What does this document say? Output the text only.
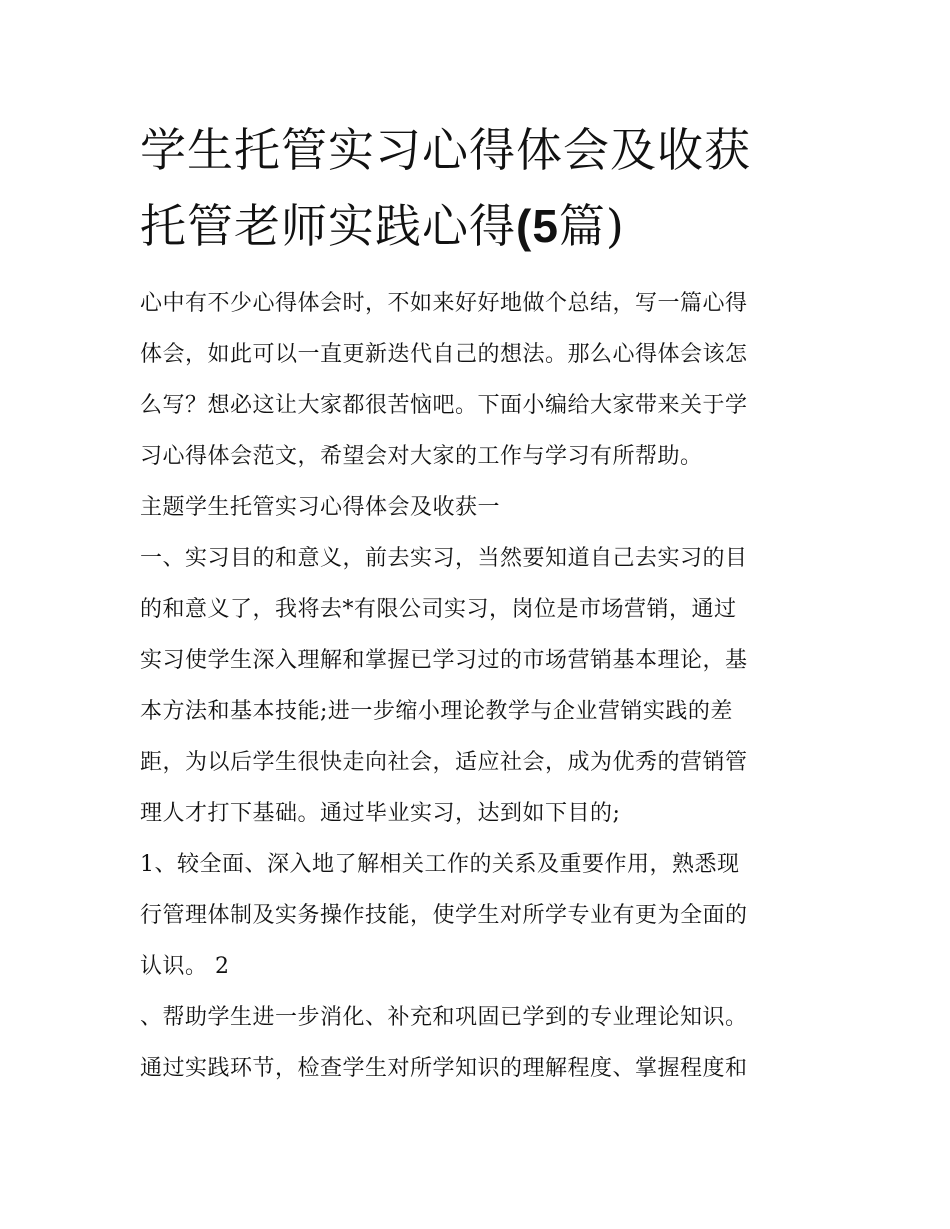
学生托管实习心得体会及收获
托管老师实践心得(5篇)
心中有不少心得体会时，不如来好好地做个总结，写一篇心得
体会，如此可以一直更新迭代自己的想法。那么心得体会该怎
么写？想必这让大家都很苦恼吧。下面小编给大家带来关于学
习心得体会范文，希望会对大家的工作与学习有所帮助。
主题学生托管实习心得体会及收获一
一、实习目的和意义，前去实习，当然要知道自己去实习的目
的和意义了，我将去*有限公司实习，岗位是市场营销，通过
实习使学生深入理解和掌握已学习过的市场营销基本理论，基
本方法和基本技能;进一步缩小理论教学与企业营销实践的差
距，为以后学生很快走向社会，适应社会，成为优秀的营销管
理人才打下基础。通过毕业实习，达到如下目的;
1、较全面、深入地了解相关工作的关系及重要作用，熟悉现
行管理体制及实务操作技能，使学生对所学专业有更为全面的
认识。 2
、帮助学生进一步消化、补充和巩固已学到的专业理论知识。
通过实践环节，检查学生对所学知识的理解程度、掌握程度和
